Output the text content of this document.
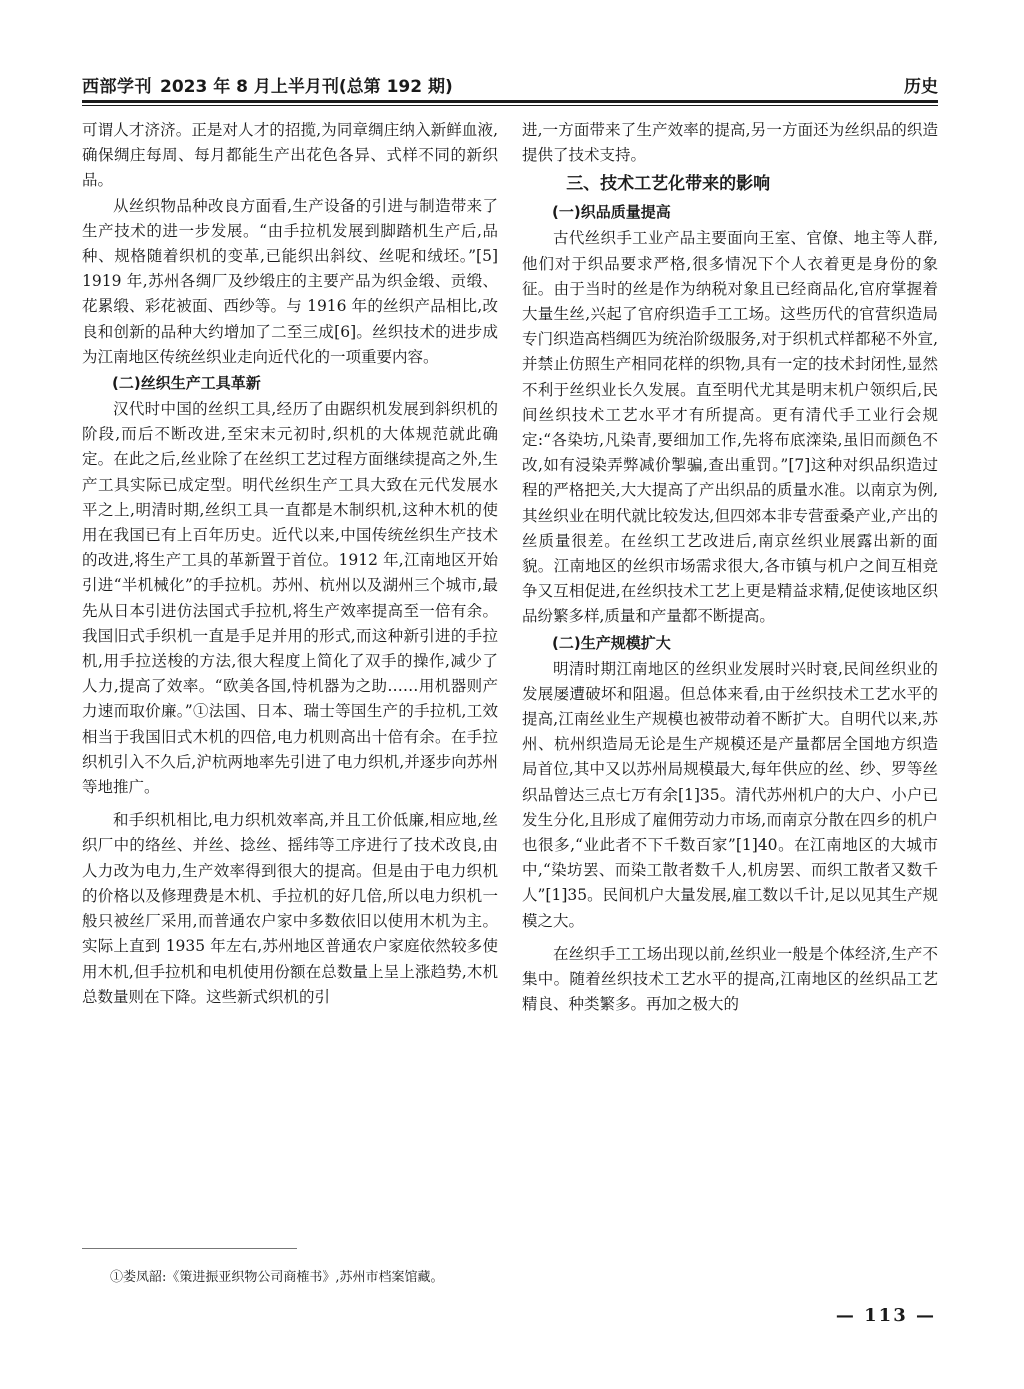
西部学刊 2023 年 8 月上半月刊(总第 192 期)	历史

可谓人才济济。正是对人才的招揽,为同章绸庄纳入新鲜血液,确保绸庄每周、每月都能生产出花色各异、式样不同的新织品。

从丝织物品种改良方面看,生产设备的引进与制造带来了生产技术的进一步发展。“由手拉机发展到脚踏机生产后,品种、规格随着织机的变革,已能织出斜纹、丝呢和绒坯。”[5] 1919 年,苏州各绸厂及纱缎庄的主要产品为织金缎、贡缎、花累缎、彩花被面、西纱等。与 1916 年的丝织产品相比,改良和创新的品种大约增加了二至三成[6]。丝织技术的进步成为江南地区传统丝织业走向近代化的一项重要内容。

(二)丝织生产工具革新

汉代时中国的丝织工具,经历了由踞织机发展到斜织机的阶段,而后不断改进,至宋末元初时,织机的大体规范就此确定。在此之后,丝业除了在丝织工艺过程方面继续提高之外,生产工具实际已成定型。明代丝织生产工具大致在元代发展水平之上,明清时期,丝织工具一直都是木制织机,这种木机的使用在我国已有上百年历史。近代以来,中国传统丝织生产技术的改进,将生产工具的革新置于首位。1912 年,江南地区开始引进“半机械化”的手拉机。苏州、杭州以及湖州三个城市,最先从日本引进仿法国式手拉机,将生产效率提高至一倍有余。我国旧式手织机一直是手足并用的形式,而这种新引进的手拉机,用手拉送梭的方法,很大程度上简化了双手的操作,减少了人力,提高了效率。“欧美各国,恃机器为之助……用机器则产力速而取价廉。”①法国、日本、瑞士等国生产的手拉机,工效相当于我国旧式木机的四倍,电力机则高出十倍有余。在手拉织机引入不久后,沪杭两地率先引进了电力织机,并逐步向苏州等地推广。

和手织机相比,电力织机效率高,并且工价低廉,相应地,丝织厂中的络丝、并丝、捻丝、摇纬等工序进行了技术改良,由人力改为电力,生产效率得到很大的提高。但是由于电力织机的价格以及修理费是木机、手拉机的好几倍,所以电力织机一般只被丝厂采用,而普通农户家中多数依旧以使用木机为主。实际上直到 1935 年左右,苏州地区普通农户家庭依然较多使用木机,但手拉机和电机使用份额在总数量上呈上涨趋势,木机总数量则在下降。这些新式织机的引

进,一方面带来了生产效率的提高,另一方面还为丝织品的织造提供了技术支持。

三、技术工艺化带来的影响
(一)织品质量提高

古代丝织手工业产品主要面向王室、官僚、地主等人群,他们对于织品要求严格,很多情况下个人衣着更是身份的象征。由于当时的丝是作为纳税对象且已经商品化,官府掌握着大量生丝,兴起了官府织造手工工场。这些历代的官营织造局专门织造高档绸匹为统治阶级服务,对于织机式样都秘不外宣,并禁止仿照生产相同花样的织物,具有一定的技术封闭性,显然不利于丝织业长久发展。直至明代尤其是明末机户领织后,民间丝织技术工艺水平才有所提高。更有清代手工业行会规定:“各染坊,凡染青,要细加工作,先将布底滦染,虽旧而颜色不改,如有浸染弄弊减价掣骗,查出重罚。”[7]这种对织品织造过程的严格把关,大大提高了产出织品的质量水准。以南京为例,其丝织业在明代就比较发达,但四郊本非专营蚕桑产业,产出的丝质量很差。在丝织工艺改进后,南京丝织业展露出新的面貌。江南地区的丝织市场需求很大,各市镇与机户之间互相竞争又互相促进,在丝织技术工艺上更是精益求精,促使该地区织品纷繁多样,质量和产量都不断提高。

(二)生产规模扩大

明清时期江南地区的丝织业发展时兴时衰,民间丝织业的发展屡遭破坏和阻遏。但总体来看,由于丝织技术工艺水平的提高,江南丝业生产规模也被带动着不断扩大。自明代以来,苏州、杭州织造局无论是生产规模还是产量都居全国地方织造局首位,其中又以苏州局规模最大,每年供应的丝、纱、罗等丝织品曾达三点七万有余[1]35。清代苏州机户的大户、小户已发生分化,且形成了雇佣劳动力市场,而南京分散在四乡的机户也很多,“业此者不下千数百家”[1]40。在江南地区的大城市中,“染坊罢、而染工散者数千人,机房罢、而织工散者又数千人”[1]35。民间机户大量发展,雇工数以千计,足以见其生产规模之大。

在丝织手工工场出现以前,丝织业一般是个体经济,生产不集中。随着丝织技术工艺水平的提高,江南地区的丝织品工艺精良、种类繁多。再加之极大的

①娄凤韶:《策进振亚织物公司商榷书》,苏州市档案馆藏。
— 113 —
